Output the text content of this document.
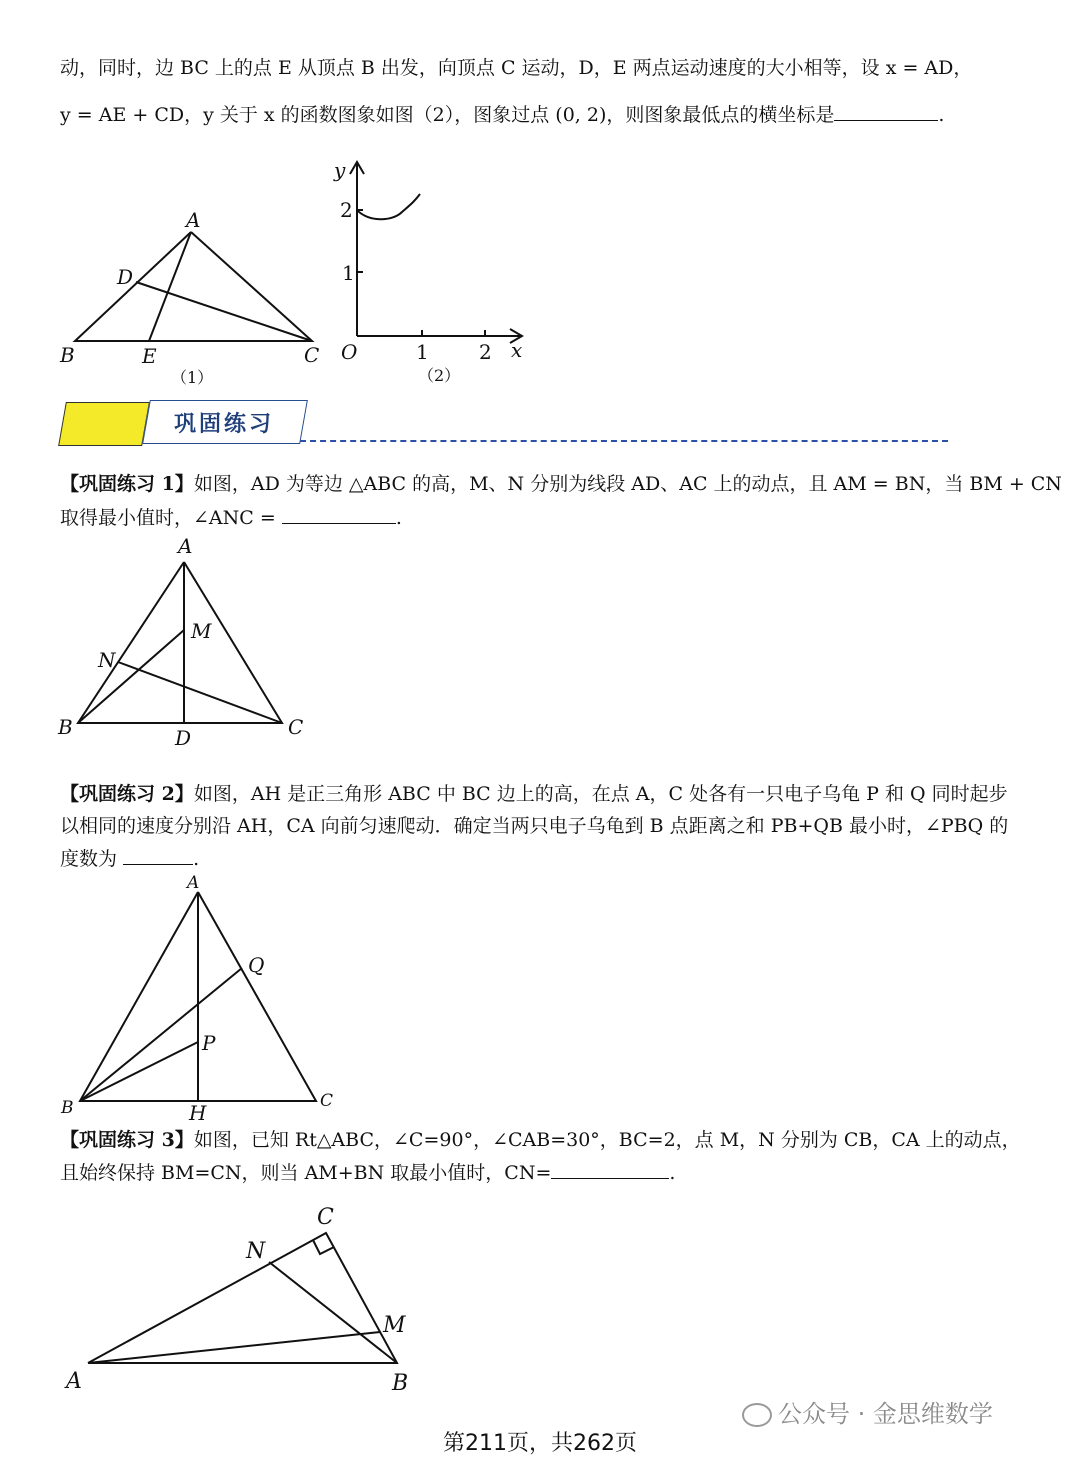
动，同时，边 BC 上的点 E 从顶点 B 出发，向顶点 C 运动，D，E 两点运动速度的大小相等，设 x = AD，
y = AE + CD，y 关于 x 的函数图象如图（2），图象过点 (0, 2)，则图象最低点的横坐标是	.
A
D
B	E	C
（1）
y
2
1
O	1	2 x
（2）
巩固练习
【巩固练习 1】如图，AD 为等边 △ABC 的高，M、N 分别为线段 AD、AC 上的动点，且 AM = BN，当 BM + CN
取得最小值时，∠ANC =	.
A
M
N
B	D	C
【巩固练习 2】如图，AH 是正三角形 ABC 中 BC 边上的高，在点 A，C 处各有一只电子乌龟 P 和 Q 同时起步
以相同的速度分别沿 AH，CA 向前匀速爬动．确定当两只电子乌龟到 B 点距离之和 PB+QB 最小时，∠PBQ 的
度数为	.
A
Q
P
B	H	C
【巩固练习 3】如图，已知 Rt△ABC，∠C=90°，∠CAB=30°，BC=2，点 M，N 分别为 CB，CA 上的动点，
且始终保持 BM=CN，则当 AM+BN 取最小值时，CN=	.
C
N
M
A	B
公众号 · 金思维数学
第211页，共262页
